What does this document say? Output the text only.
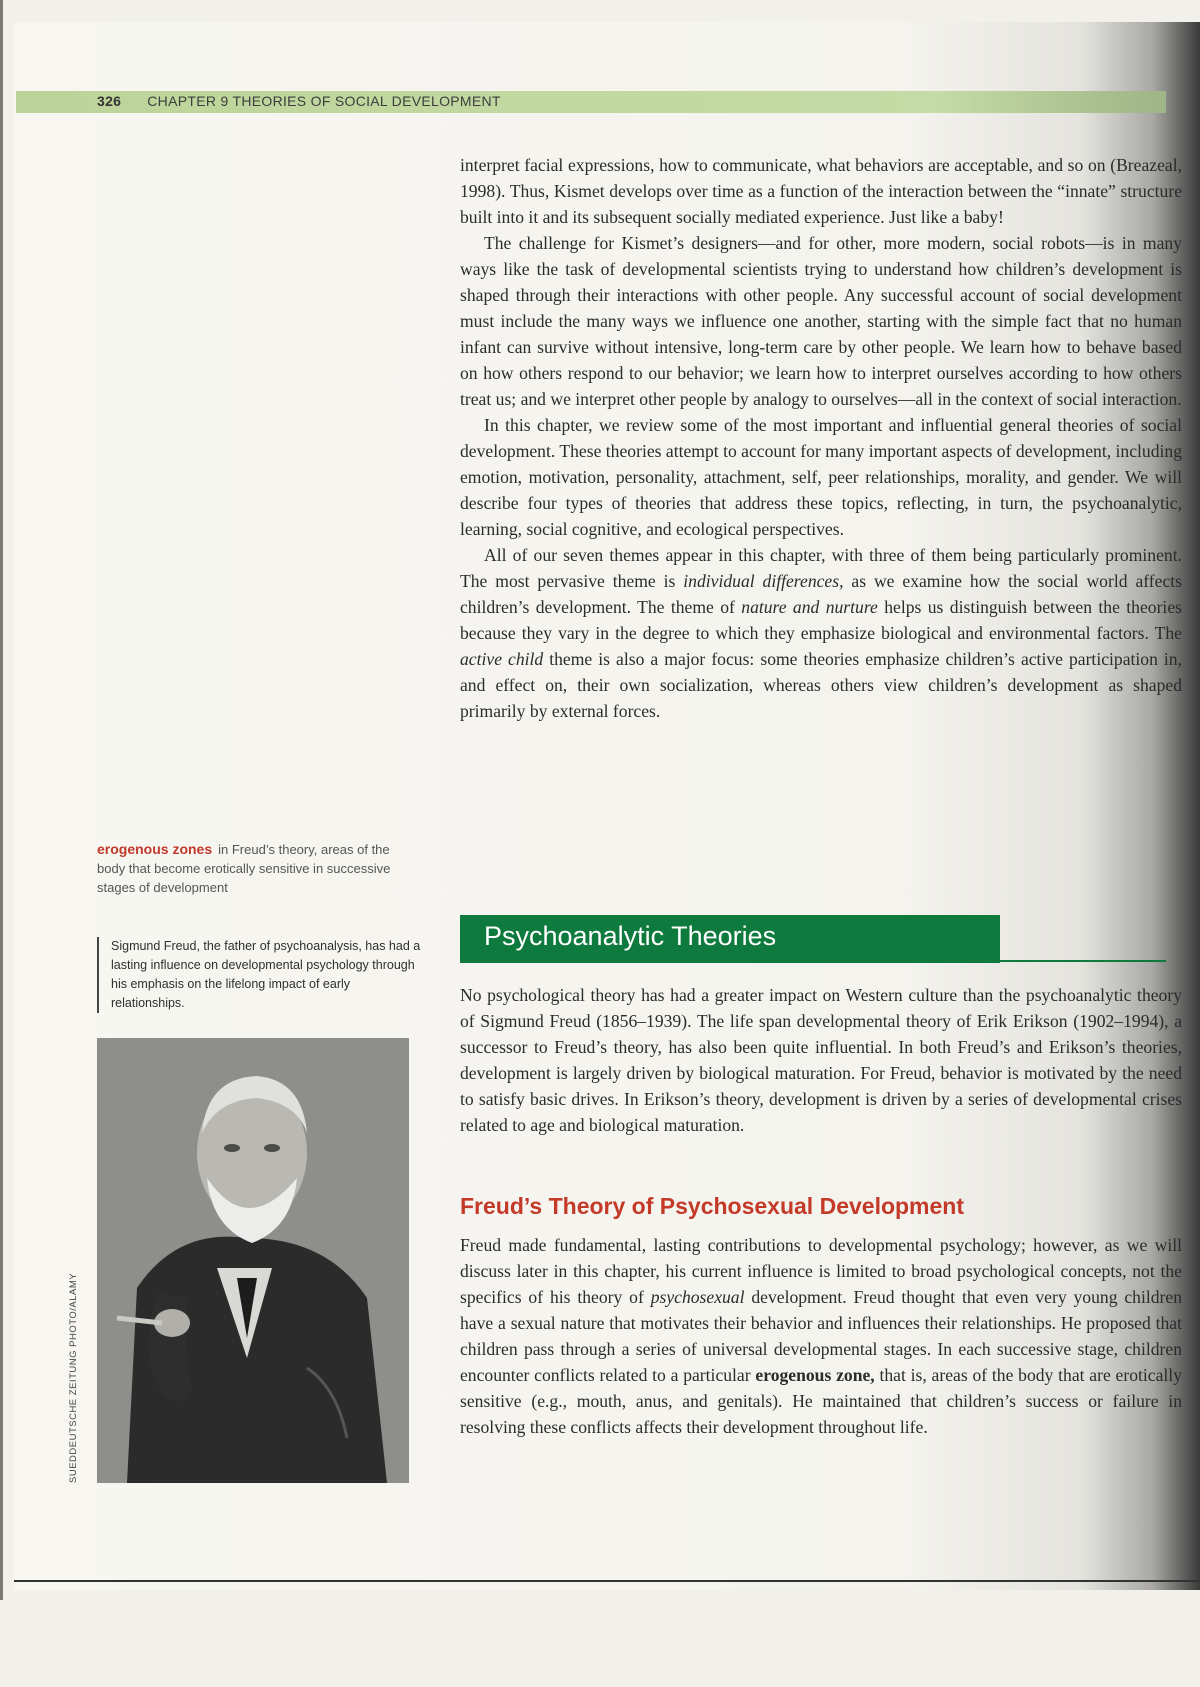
326 CHAPTER 9 THEORIES OF SOCIAL DEVELOPMENT

interpret facial expressions, how to communicate, what behaviors are acceptable, and so on (Breazeal, 1998). Thus, Kismet develops over time as a function of the interaction between the “innate” structure built into it and its subsequent socially mediated experience. Just like a baby!

The challenge for Kismet’s designers—and for other, more modern, social robots—is in many ways like the task of developmental scientists trying to understand how children’s development is shaped through their interactions with other people. Any successful account of social development must include the many ways we influence one another, starting with the simple fact that no human infant can survive without intensive, long-term care by other people. We learn how to behave based on how others respond to our behavior; we learn how to interpret ourselves according to how others treat us; and we interpret other people by analogy to ourselves—all in the context of social interaction.

In this chapter, we review some of the most important and influential general theories of social development. These theories attempt to account for many important aspects of development, including emotion, motivation, personality, attachment, self, peer relationships, morality, and gender. We will describe four types of theories that address these topics, reflecting, in turn, the psychoanalytic, learning, social cognitive, and ecological perspectives.

All of our seven themes appear in this chapter, with three of them being particularly prominent. The most pervasive theme is individual differences, as we examine how the social world affects children’s development. The theme of nature and nurture helps us distinguish between the theories because they vary in the degree to which they emphasize biological and environmental factors. The active child theme is also a major focus: some theories emphasize children’s active participation in, and effect on, their own socialization, whereas others view children’s development as shaped primarily by external forces.

erogenous zones in Freud’s theory, areas of the body that become erotically sensitive in successive stages of development
Sigmund Freud, the father of psychoanalysis, has had a lasting influence on developmental psychology through his emphasis on the lifelong impact of early relationships.
SUEDDEUTSCHE ZEITUNG PHOTO/ALAMY
Psychoanalytic Theories

No psychological theory has had a greater impact on Western culture than the psychoanalytic theory of Sigmund Freud (1856–1939). The life span developmental theory of Erik Erikson (1902–1994), a successor to Freud’s theory, has also been quite influential. In both Freud’s and Erikson’s theories, development is largely driven by biological maturation. For Freud, behavior is motivated by the need to satisfy basic drives. In Erikson’s theory, development is driven by a series of developmental crises related to age and biological maturation.

Freud’s Theory of Psychosexual Development

Freud made fundamental, lasting contributions to developmental psychology; however, as we will discuss later in this chapter, his current influence is limited to broad psychological concepts, not the specifics of his theory of psychosexual development. Freud thought that even very young children have a sexual nature that motivates their behavior and influences their relationships. He proposed that children pass through a series of universal developmental stages. In each successive stage, children encounter conflicts related to a particular erogenous zone, that is, areas of the body that are erotically sensitive (e.g., mouth, anus, and genitals). He maintained that children’s success or failure in resolving these conflicts affects their development throughout life.
